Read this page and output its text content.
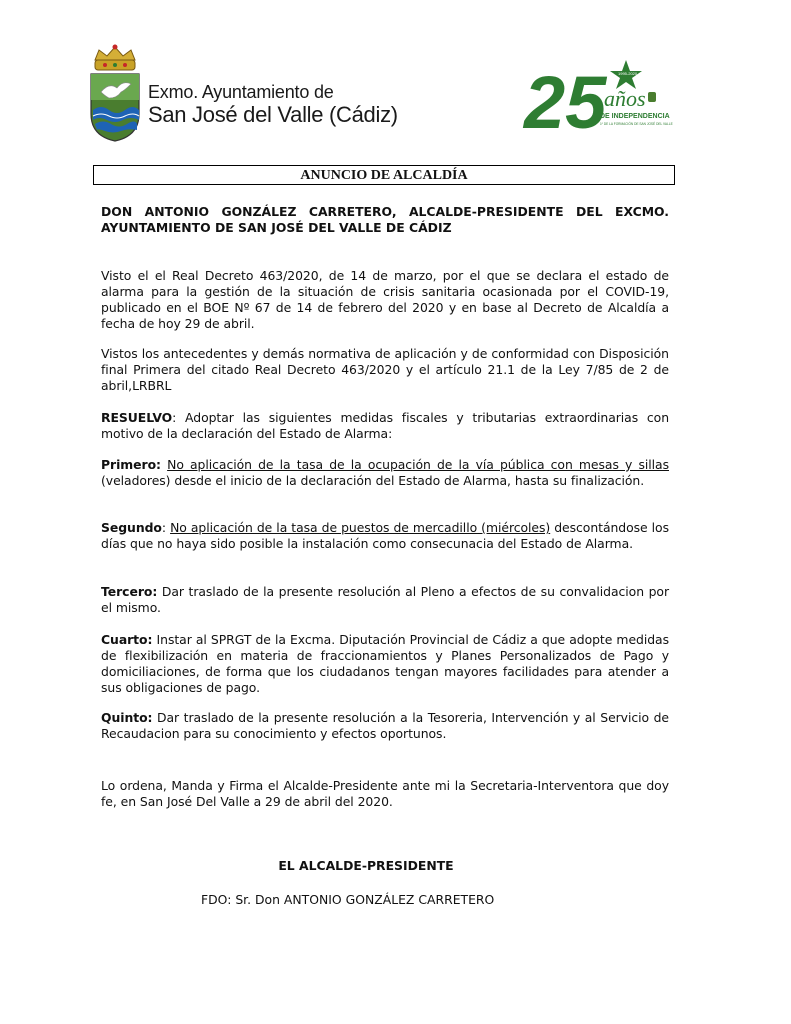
Exmo. Ayuntamiento de
San José del Valle (Cádiz) 25	1995-2020
años
DE INDEPENDENCIA
1º DE LA FORMACIÓN DE SAN JOSÉ DEL VALLE
ANUNCIO DE ALCALDÍA
DON ANTONIO GONZÁLEZ CARRETERO, ALCALDE-PRESIDENTE DEL EXCMO. AYUNTAMIENTO DE SAN JOSÉ DEL VALLE DE CÁDIZ
Visto el el Real Decreto 463/2020, de 14 de marzo, por el que se declara el estado de alarma para la gestión de la situación de crisis sanitaria ocasionada por el COVID-19, publicado en el BOE Nº 67 de 14 de febrero del 2020 y en base al Decreto de Alcaldía a fecha de hoy 29 de abril.
Vistos los antecedentes y demás normativa de aplicación y de conformidad con Disposición final Primera del citado Real Decreto 463/2020 y el artículo 21.1 de la Ley 7/85 de 2 de abril,LRBRL
RESUELVO: Adoptar las siguientes medidas fiscales y tributarias extraordinarias con motivo de la declaración del Estado de Alarma:
Primero: No aplicación de la tasa de la ocupación de la vía pública con mesas y sillas (veladores) desde el inicio de la declaración del Estado de Alarma, hasta su finalización.
Segundo: No aplicación de la tasa de puestos de mercadillo (miércoles) descontándose los días que no haya sido posible la instalación como consecunacia del Estado de Alarma.
Tercero: Dar traslado de la presente resolución al Pleno a efectos de su convalidacion por el mismo.
Cuarto: Instar al SPRGT de la Excma. Diputación Provincial de Cádiz a que adopte medidas de flexibilización en materia de fraccionamientos y Planes Personalizados de Pago y domiciliaciones, de forma que los ciudadanos tengan mayores facilidades para atender a sus obligaciones de pago.
Quinto: Dar traslado de la presente resolución a la Tesoreria, Intervención y al Servicio de Recaudacion para su conocimiento y efectos oportunos.
Lo ordena, Manda y Firma el Alcalde-Presidente ante mi la Secretaria-Interventora que doy fe, en San José Del Valle a 29 de abril del 2020.
EL ALCALDE-PRESIDENTE
FDO: Sr. Don ANTONIO GONZÁLEZ CARRETERO
